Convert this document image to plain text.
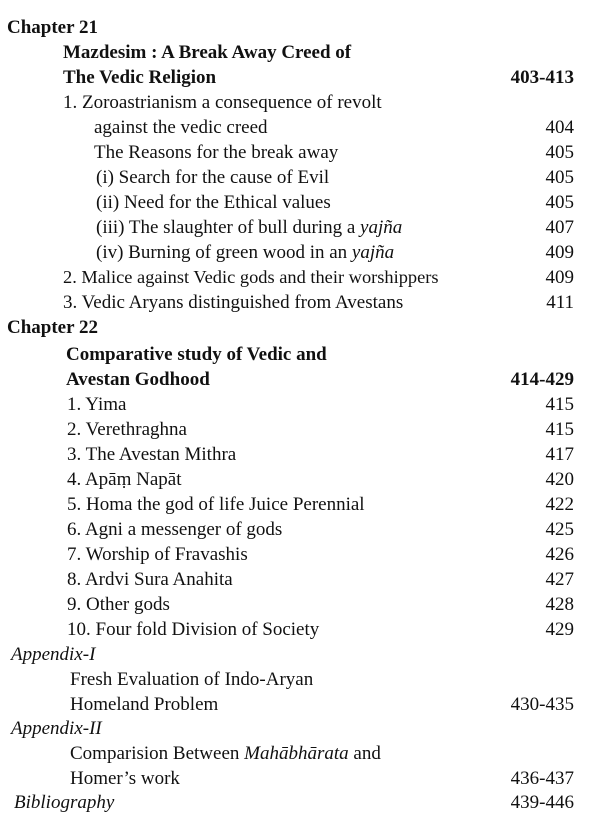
Chapter 21
Mazdesim : A Break Away Creed of
The Vedic Religion	403-413
1. Zoroastrianism a consequence of revolt
against the vedic creed	404
The Reasons for the break away	405
(i) Search for the cause of Evil	405
(ii) Need for the Ethical values	405
(iii) The slaughter of bull during a yajña	407
(iv) Burning of green wood in an yajña	409
2. Malice against Vedic gods and their worshippers	409
3. Vedic Aryans distinguished from Avestans	411
Chapter 22
Comparative study of Vedic and
Avestan Godhood	414-429
1. Yima	415
2. Verethraghna	415
3. The Avestan Mithra	417
4. Apāṃ Napāt	420
5. Homa the god of life Juice Perennial	422
6. Agni a messenger of gods	425
7. Worship of Fravashis	426
8. Ardvi Sura Anahita	427
9. Other gods	428
10. Four fold Division of Society	429
Appendix-I
Fresh Evaluation of Indo-Aryan
Homeland Problem	430-435
Appendix-II
Comparision Between Mahābhārata and
Homer’s work	436-437
Bibliography	439-446
